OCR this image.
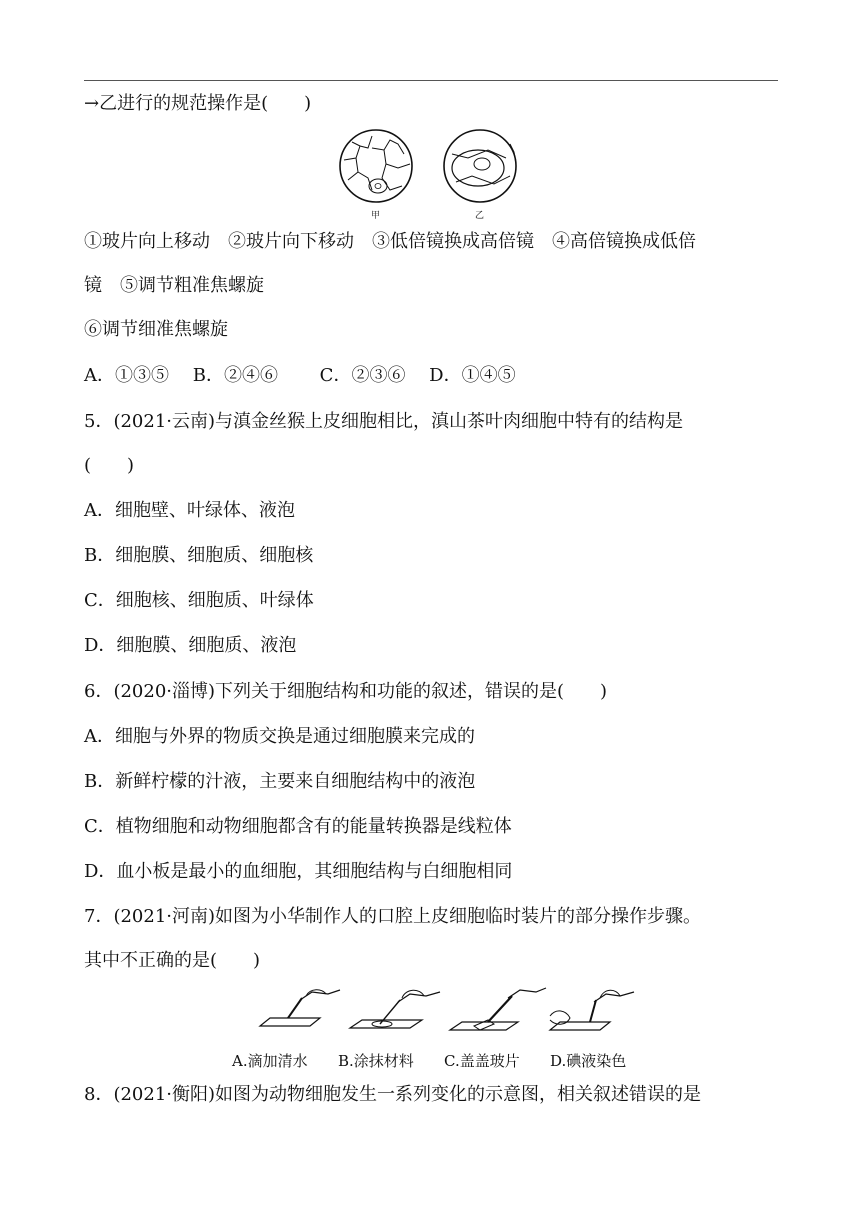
→乙进行的规范操作是(　　)
甲	乙
①玻片向上移动　②玻片向下移动　③低倍镜换成高倍镜　④高倍镜换成低倍
镜　⑤调节粗准焦螺旋
⑥调节细准焦螺旋
A．①③⑤　 B．②④⑥　　 C．②③⑥　 D．①④⑤
5．(2021·云南)与滇金丝猴上皮细胞相比，滇山茶叶肉细胞中特有的结构是
(　　)
A．细胞壁、叶绿体、液泡
B．细胞膜、细胞质、细胞核
C．细胞核、细胞质、叶绿体
D．细胞膜、细胞质、液泡
6．(2020·淄博)下列关于细胞结构和功能的叙述，错误的是(　　)
A．细胞与外界的物质交换是通过细胞膜来完成的
B．新鲜柠檬的汁液，主要来自细胞结构中的液泡
C．植物细胞和动物细胞都含有的能量转换器是线粒体
D．血小板是最小的血细胞，其细胞结构与白细胞相同
7．(2021·河南)如图为小华制作人的口腔上皮细胞临时装片的部分操作步骤。
其中不正确的是(　　)
A.滴加清水 B.涂抹材料 C.盖盖玻片 D.碘液染色
8．(2021·衡阳)如图为动物细胞发生一系列变化的示意图，相关叙述错误的是
